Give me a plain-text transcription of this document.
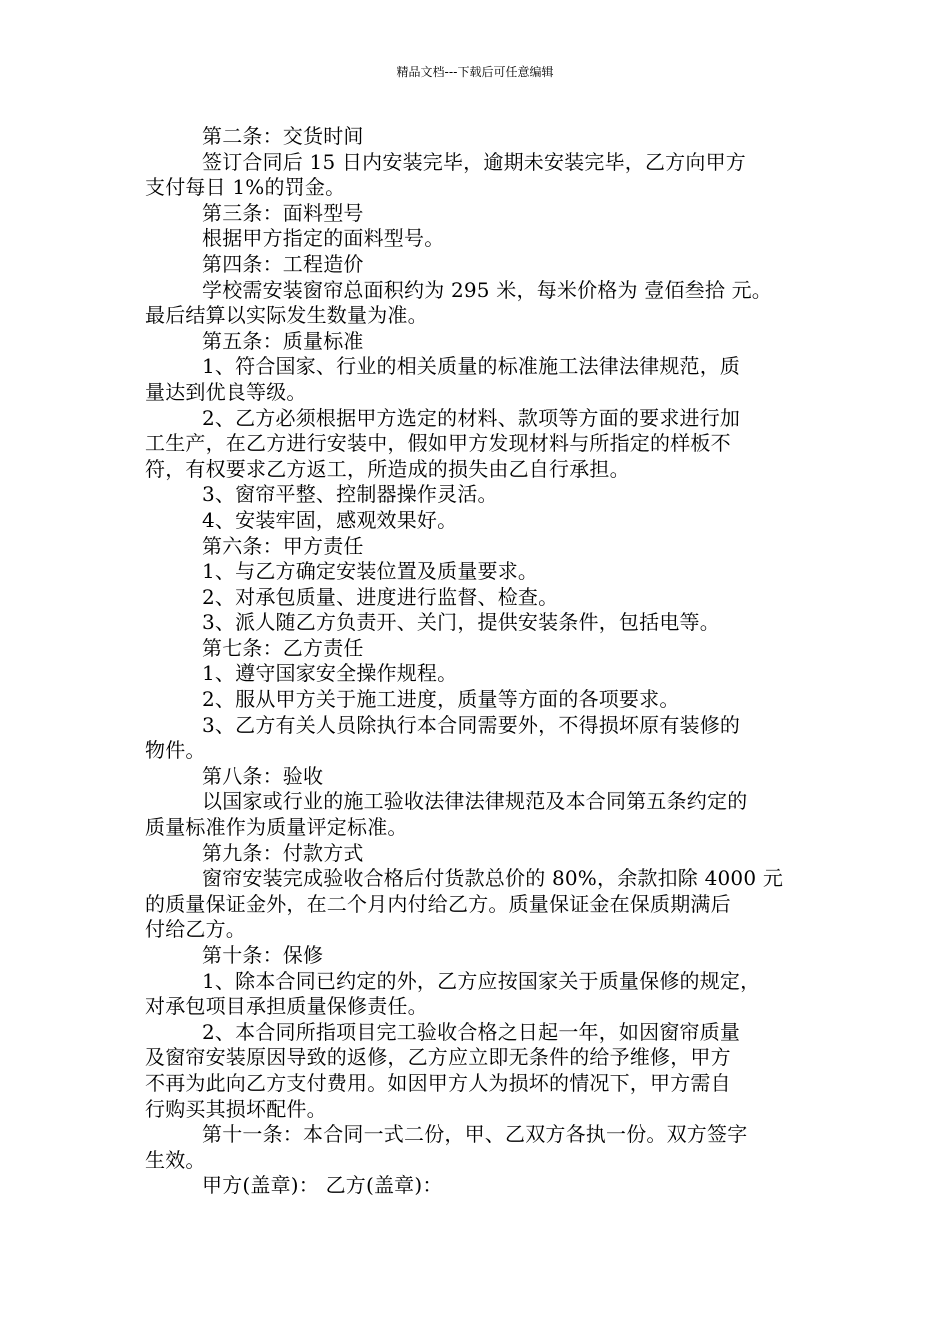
精品文档---下载后可任意编辑
第二条：交货时间
签订合同后 15 日内安装完毕，逾期未安装完毕，乙方向甲方
支付每日 1%的罚金。
第三条：面料型号
根据甲方指定的面料型号。
第四条：工程造价
学校需安装窗帘总面积约为 295 米，每米价格为 壹佰叁拾 元。
最后结算以实际发生数量为准。
第五条：质量标准
1、符合国家、行业的相关质量的标准施工法律法律规范，质
量达到优良等级。
2、乙方必须根据甲方选定的材料、款项等方面的要求进行加
工生产，在乙方进行安装中，假如甲方发现材料与所指定的样板不
符，有权要求乙方返工，所造成的损失由乙自行承担。
3、窗帘平整、控制器操作灵活。
4、安装牢固，感观效果好。
第六条：甲方责任
1、与乙方确定安装位置及质量要求。
2、对承包质量、进度进行监督、检查。
3、派人随乙方负责开、关门，提供安装条件，包括电等。
第七条：乙方责任
1、遵守国家安全操作规程。
2、服从甲方关于施工进度，质量等方面的各项要求。
3、乙方有关人员除执行本合同需要外，不得损坏原有装修的
物件。
第八条：验收
以国家或行业的施工验收法律法律规范及本合同第五条约定的
质量标准作为质量评定标准。
第九条：付款方式
窗帘安装完成验收合格后付货款总价的 80%，余款扣除 4000 元
的质量保证金外，在二个月内付给乙方。质量保证金在保质期满后
付给乙方。
第十条：保修
1、除本合同已约定的外，乙方应按国家关于质量保修的规定，
对承包项目承担质量保修责任。
2、本合同所指项目完工验收合格之日起一年，如因窗帘质量
及窗帘安装原因导致的返修，乙方应立即无条件的给予维修，甲方
不再为此向乙方支付费用。如因甲方人为损坏的情况下，甲方需自
行购买其损坏配件。
第十一条：本合同一式二份，甲、乙双方各执一份。双方签字
生效。
甲方(盖章)： 乙方(盖章)：
